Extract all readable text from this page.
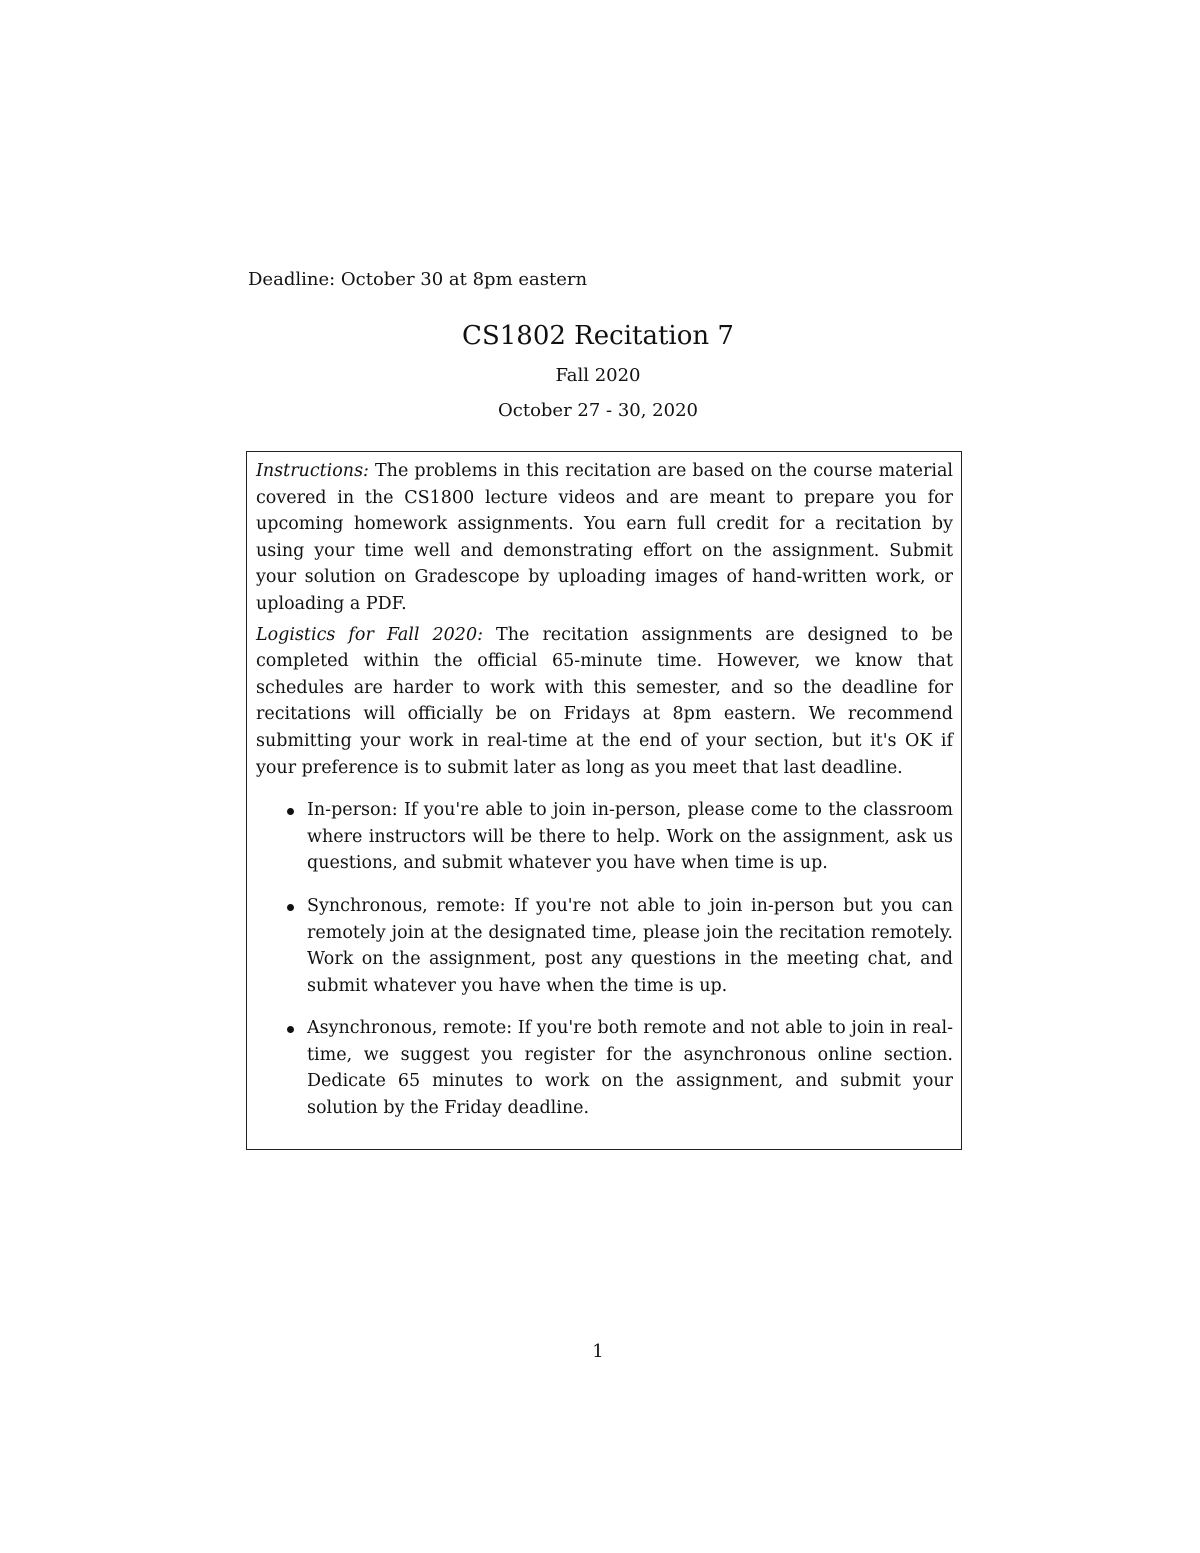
Deadline: October 30 at 8pm eastern
CS1802 Recitation 7
Fall 2020
October 27 - 30, 2020

Instructions: The problems in this recitation are based on the course material covered in the CS1800 lecture videos and are meant to prepare you for upcoming homework assignments. You earn full credit for a recitation by using your time well and demonstrating effort on the assignment. Submit your solution on Gradescope by uploading images of hand-written work, or uploading a PDF.

Logistics for Fall 2020: The recitation assignments are designed to be completed within the official 65-minute time. However, we know that schedules are harder to work with this semester, and so the deadline for recitations will officially be on Fridays at 8pm eastern. We recommend submitting your work in real-time at the end of your section, but it's OK if your preference is to submit later as long as you meet that last deadline.

In-person: If you're able to join in-person, please come to the classroom where instructors will be there to help. Work on the assignment, ask us questions, and submit whatever you have when time is up.
Synchronous, remote: If you're not able to join in-person but you can remotely join at the designated time, please join the recitation remotely. Work on the assignment, post any questions in the meeting chat, and submit whatever you have when the time is up.
Asynchronous, remote: If you're both remote and not able to join in real-time, we suggest you register for the asynchronous online section. Dedicate 65 minutes to work on the assignment, and submit your solution by the Friday deadline.
1
